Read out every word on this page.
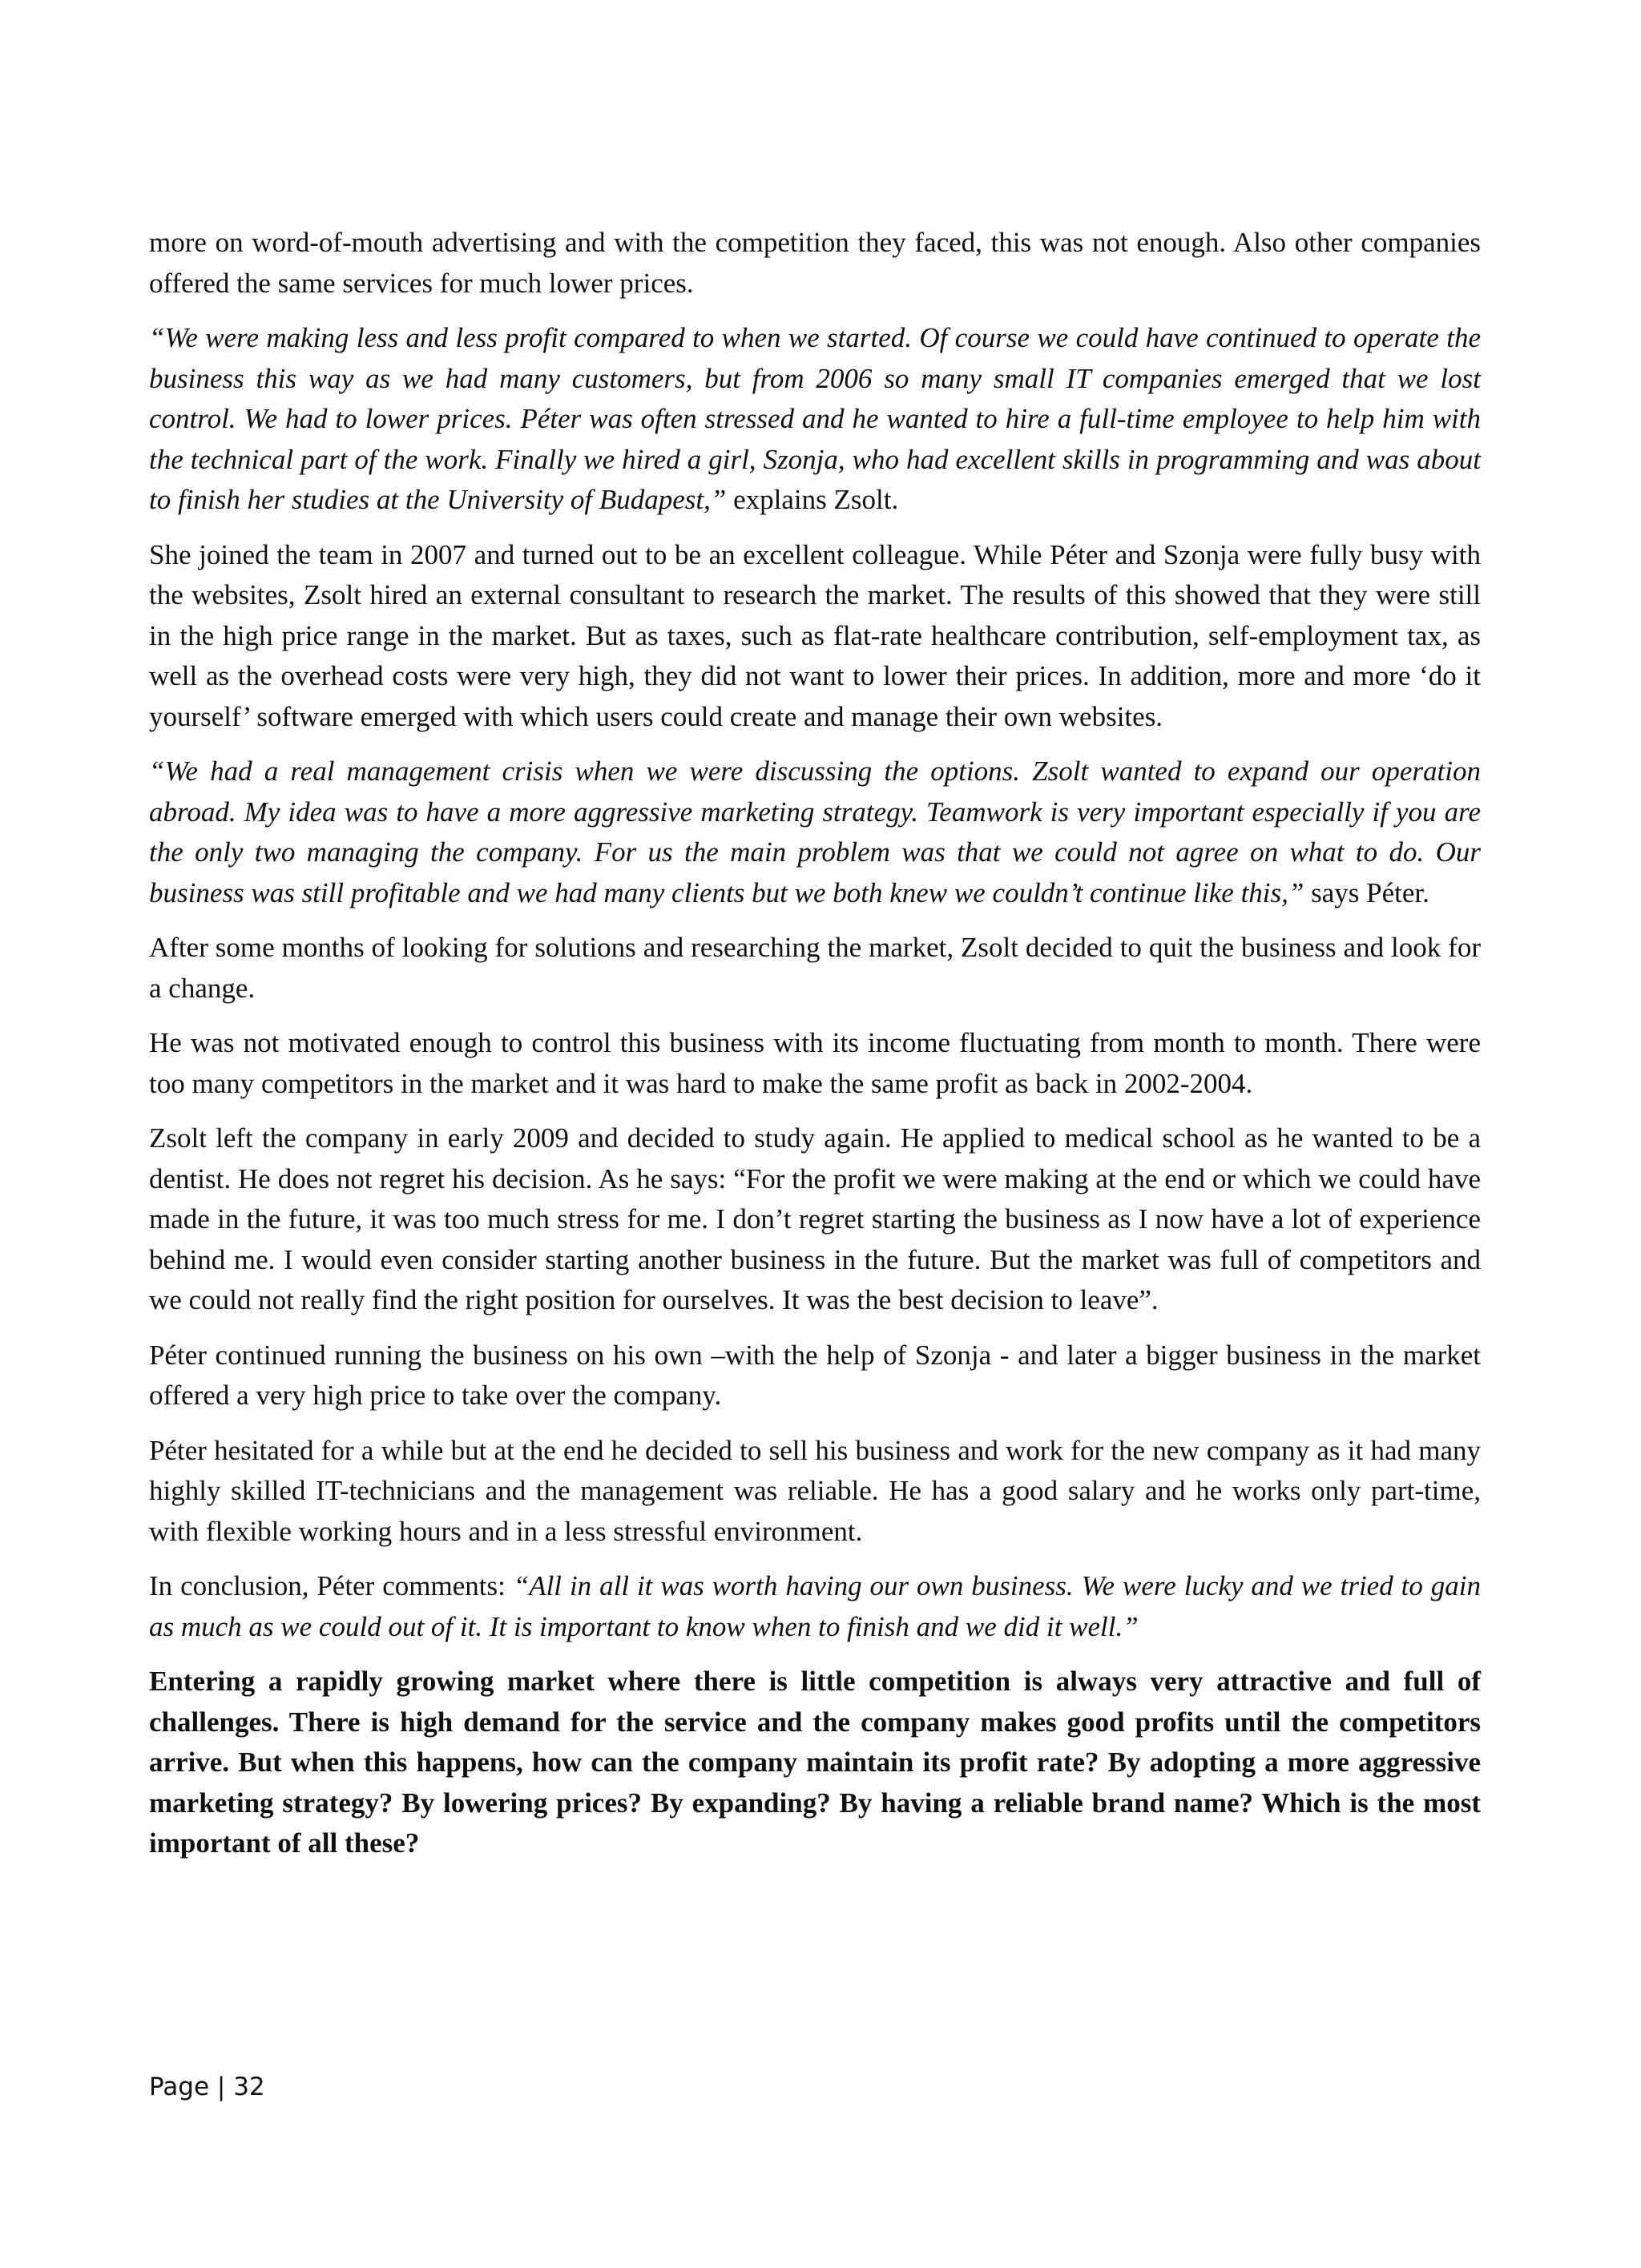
more on word-of-mouth advertising and with the competition they faced, this was not enough. Also other companies offered the same services for much lower prices.

“We were making less and less profit compared to when we started. Of course we could have continued to operate the business this way as we had many customers, but from 2006 so many small IT companies emerged that we lost control. We had to lower prices. Péter was often stressed and he wanted to hire a full-time employee to help him with the technical part of the work. Finally we hired a girl, Szonja, who had excellent skills in programming and was about to finish her studies at the University of Budapest,” explains Zsolt.

She joined the team in 2007 and turned out to be an excellent colleague. While Péter and Szonja were fully busy with the websites, Zsolt hired an external consultant to research the market. The results of this showed that they were still in the high price range in the market. But as taxes, such as flat-rate healthcare contribution, self-employment tax, as well as the overhead costs were very high, they did not want to lower their prices. In addition, more and more ‘do it yourself’ software emerged with which users could create and manage their own websites.

“We had a real management crisis when we were discussing the options. Zsolt wanted to expand our operation abroad. My idea was to have a more aggressive marketing strategy. Teamwork is very important especially if you are the only two managing the company. For us the main problem was that we could not agree on what to do. Our business was still profitable and we had many clients but we both knew we couldn’t continue like this,” says Péter.

After some months of looking for solutions and researching the market, Zsolt decided to quit the business and look for a change.

He was not motivated enough to control this business with its income fluctuating from month to month. There were too many competitors in the market and it was hard to make the same profit as back in 2002-2004.

Zsolt left the company in early 2009 and decided to study again. He applied to medical school as he wanted to be a dentist. He does not regret his decision. As he says: “For the profit we were making at the end or which we could have made in the future, it was too much stress for me. I don’t regret starting the business as I now have a lot of experience behind me. I would even consider starting another business in the future. But the market was full of competitors and we could not really find the right position for ourselves. It was the best decision to leave”.

Péter continued running the business on his own –with the help of Szonja - and later a bigger business in the market offered a very high price to take over the company.

Péter hesitated for a while but at the end he decided to sell his business and work for the new company as it had many highly skilled IT-technicians and the management was reliable. He has a good salary and he works only part-time, with flexible working hours and in a less stressful environment.

In conclusion, Péter comments: “All in all it was worth having our own business. We were lucky and we tried to gain as much as we could out of it. It is important to know when to finish and we did it well.”

Entering a rapidly growing market where there is little competition is always very attractive and full of challenges. There is high demand for the service and the company makes good profits until the competitors arrive. But when this happens, how can the company maintain its profit rate? By adopting a more aggressive marketing strategy? By lowering prices? By expanding? By having a reliable brand name? Which is the most important of all these?

Page | 32
